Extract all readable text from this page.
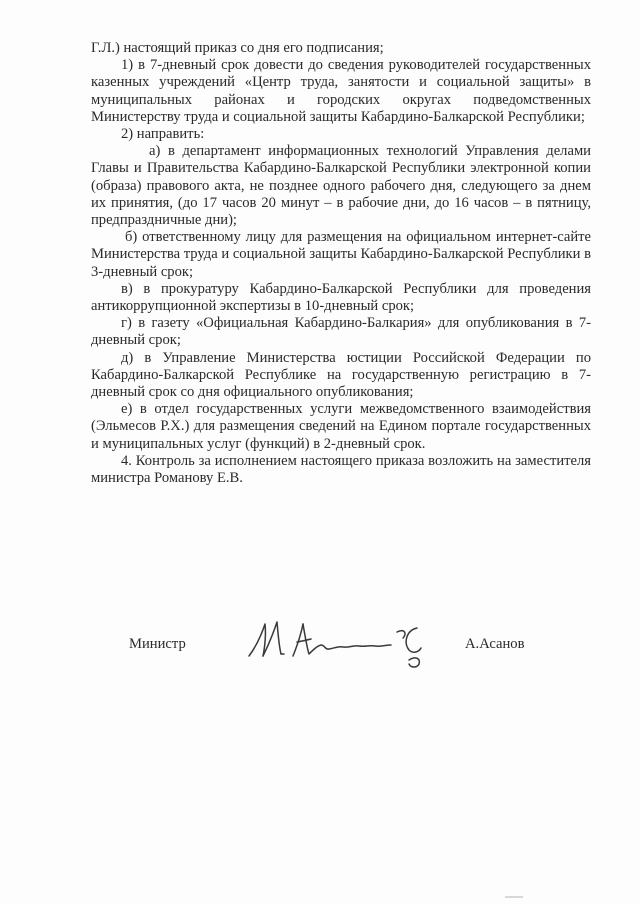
Г.Л.) настоящий приказ со дня его подписания;

1) в 7-дневный срок довести до сведения руководителей государственных казенных учреждений «Центр труда, занятости и социальной защиты» в муниципальных районах и городских округах подведомственных Министерству труда и социальной защиты Кабардино-Балкарской Республики;

2) направить:

а) в департамент информационных технологий Управления делами Главы и Правительства Кабардино-Балкарской Республики электронной копии (образа) правового акта, не позднее одного рабочего дня, следующего за днем их принятия, (до 17 часов 20 минут – в рабочие дни, до 16 часов – в пятницу, предпраздничные дни);

б) ответственному лицу для размещения на официальном интернет-сайте Министерства труда и социальной защиты Кабардино-Балкарской Республики в 3-дневный срок;

в) в прокуратуру Кабардино-Балкарской Республики для проведения антикоррупционной экспертизы в 10-дневный срок;

г) в газету «Официальная Кабардино-Балкария» для опубликования в 7-дневный срок;

д) в Управление Министерства юстиции Российской Федерации по Кабардино-Балкарской Республике на государственную регистрацию в 7-дневный срок со дня официального опубликования;

е) в отдел государственных услуги межведомственного взаимодействия (Эльмесов Р.Х.) для размещения сведений на Едином портале государственных и муниципальных услуг (функций) в 2-дневный срок.

4. Контроль за исполнением настоящего приказа возложить на заместителя министра Романову Е.В.

Министр	А.Асанов
